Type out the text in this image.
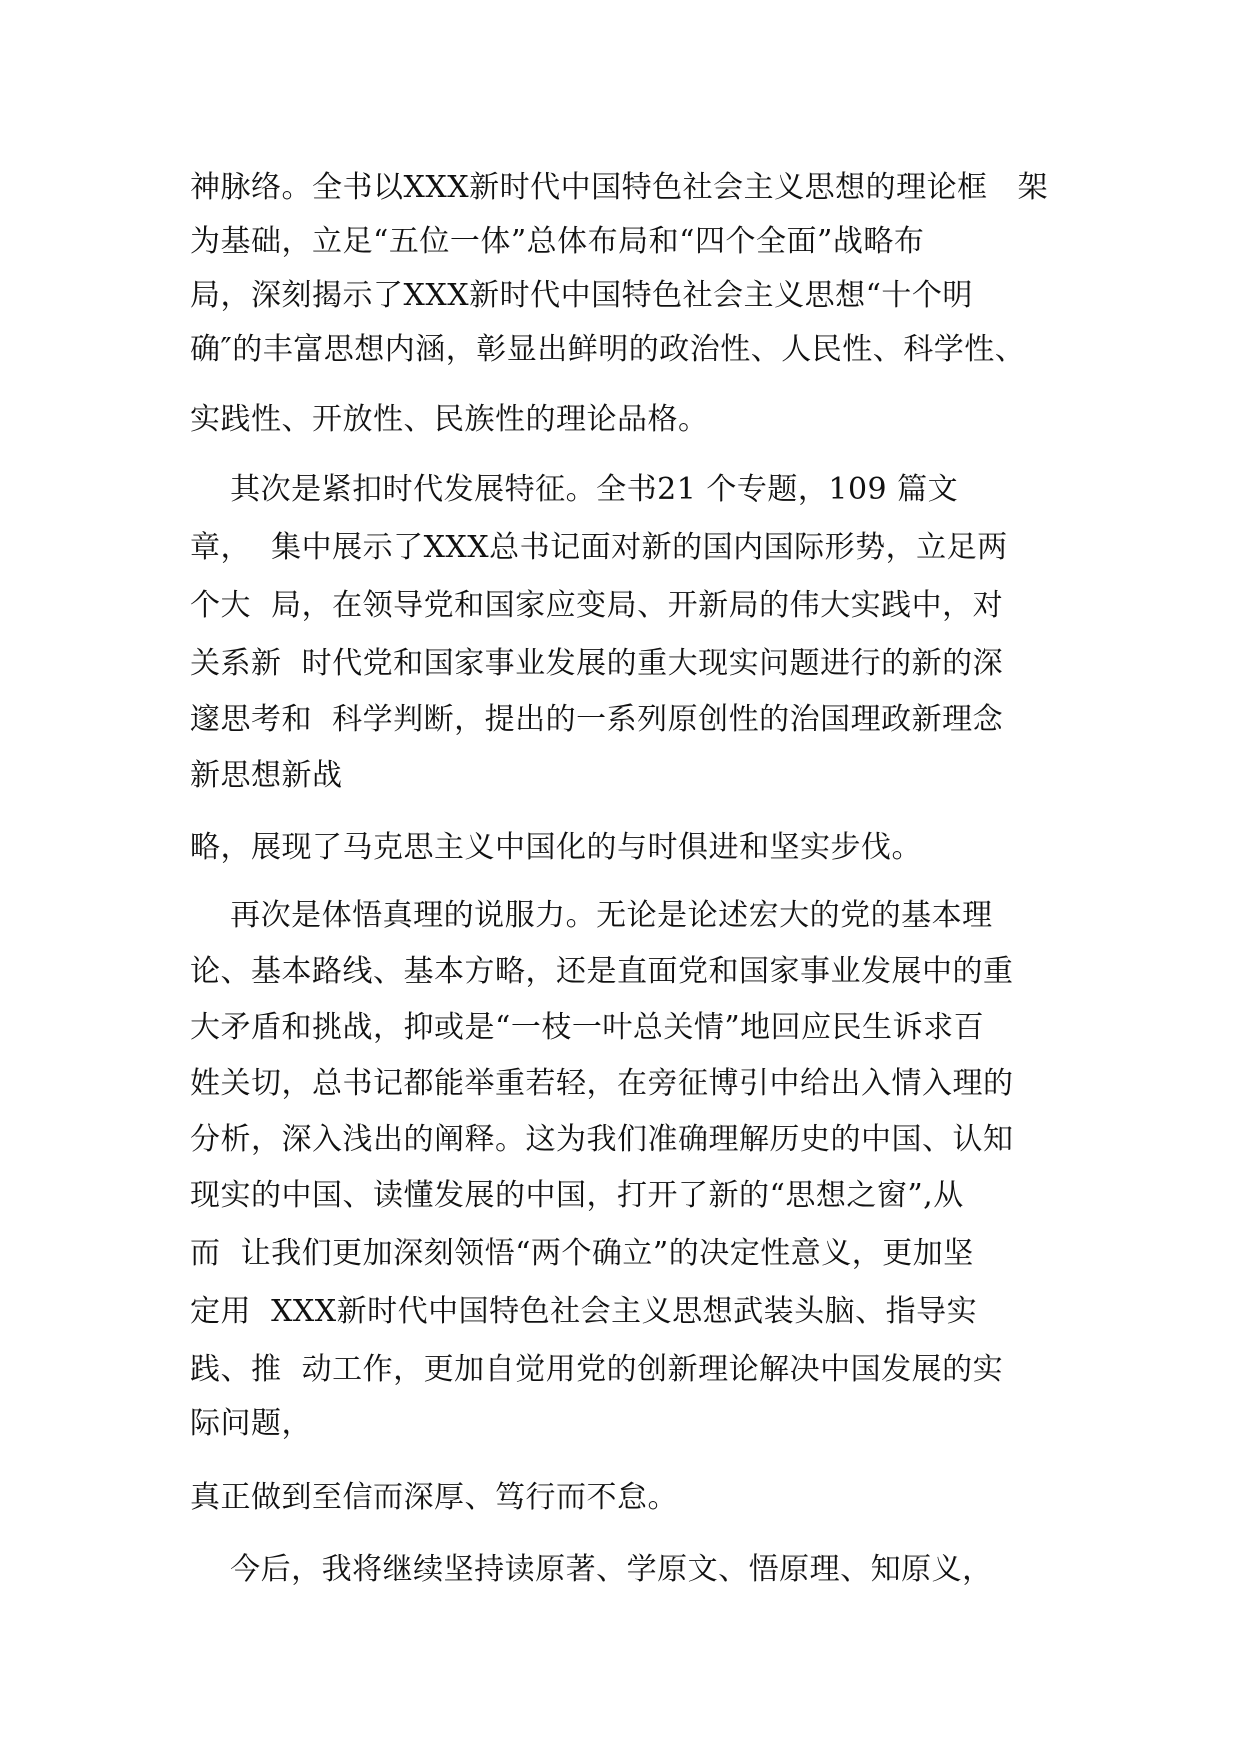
神脉络。全书以XXX新时代中国特色社会主义思想的理论框   架
为基础，立足“五位一体”总体布局和“四个全面”战略布
局，深刻揭示了XXX新时代中国特色社会主义思想“十个明
确″的丰富思想内涵，彰显出鲜明的政治性、人民性、科学性、
实践性、开放性、民族性的理论品格。
其次是紧扣时代发展特征。全书21 个专题，109 篇文
章，  集中展示了XXX总书记面对新的国内国际形势，立足两
个大  局，在领导党和国家应变局、开新局的伟大实践中，对
关系新  时代党和国家事业发展的重大现实问题进行的新的深
邃思考和  科学判断，提出的一系列原创性的治国理政新理念
新思想新战
略，展现了马克思主义中国化的与时俱进和坚实步伐。
再次是体悟真理的说服力。无论是论述宏大的党的基本理
论、基本路线、基本方略，还是直面党和国家事业发展中的重
大矛盾和挑战，抑或是“一枝一叶总关情”地回应民生诉求百
姓关切，总书记都能举重若轻，在旁征博引中给出入情入理的
分析，深入浅出的阐释。这为我们准确理解历史的中国、认知
现实的中国、读懂发展的中国，打开了新的“思想之窗”,从
而  让我们更加深刻领悟“两个确立”的决定性意义，更加坚
定用  XXX新时代中国特色社会主义思想武装头脑、指导实
践、推  动工作，更加自觉用党的创新理论解决中国发展的实
际问题，
真正做到至信而深厚、笃行而不怠。
今后，我将继续坚持读原著、学原文、悟原理、知原义，
